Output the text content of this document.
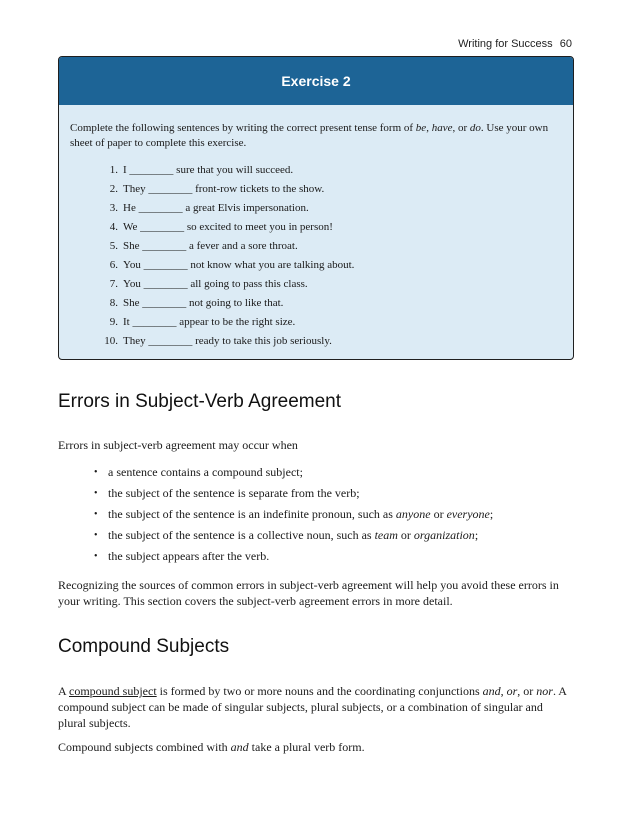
Writing for Success 60
Exercise 2

Complete the following sentences by writing the correct present tense form of be, have, or do. Use your own sheet of paper to complete this exercise.

1. I ________ sure that you will succeed.
2. They ________ front-row tickets to the show.
3. He ________ a great Elvis impersonation.
4. We ________ so excited to meet you in person!
5. She ________ a fever and a sore throat.
6. You ________ not know what you are talking about.
7. You ________ all going to pass this class.
8. She ________ not going to like that.
9. It ________ appear to be the right size.
10. They ________ ready to take this job seriously.
Errors in Subject-Verb Agreement

Errors in subject-verb agreement may occur when

• a sentence contains a compound subject;
• the subject of the sentence is separate from the verb;
• the subject of the sentence is an indefinite pronoun, such as anyone or everyone;
• the subject of the sentence is a collective noun, such as team or organization;
• the subject appears after the verb.

Recognizing the sources of common errors in subject-verb agreement will help you avoid these errors in your writing. This section covers the subject-verb agreement errors in more detail.

Compound Subjects

A compound subject is formed by two or more nouns and the coordinating conjunctions and, or, or nor. A compound subject can be made of singular subjects, plural subjects, or a combination of singular and plural subjects.

Compound subjects combined with and take a plural verb form.
